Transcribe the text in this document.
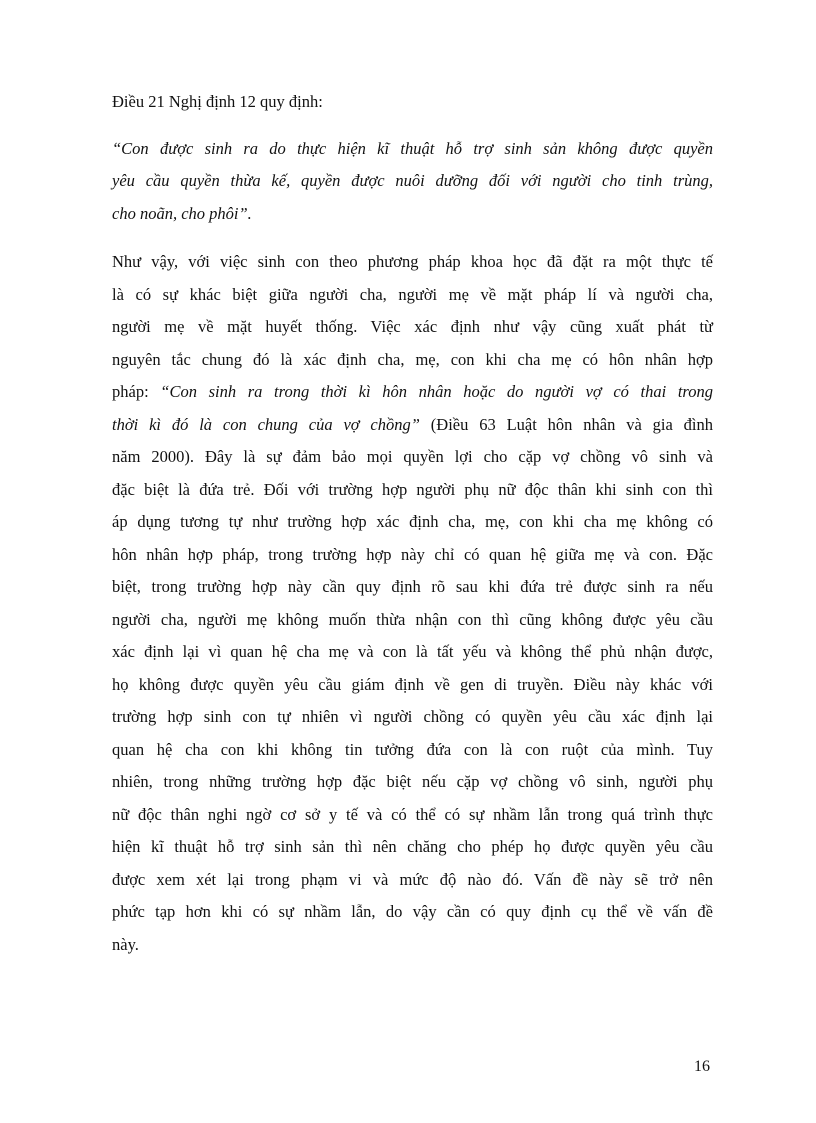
Điều 21 Nghị định 12 quy định:
“Con được sinh ra do thực hiện kĩ thuật hỗ trợ sinh sản không được quyền
yêu cầu quyền thừa kế, quyền được nuôi dưỡng đối với người cho tinh trùng,
cho noãn, cho phôi”.
Như vậy, với việc sinh con theo phương pháp khoa học đã đặt ra một thực tế
là có sự khác biệt giữa người cha, người mẹ về mặt pháp lí và người cha,
người mẹ về mặt huyết thống. Việc xác định như vậy cũng xuất phát từ
nguyên tắc chung đó là xác định cha, mẹ, con khi cha mẹ có hôn nhân hợp
pháp: “Con sinh ra trong thời kì hôn nhân hoặc do người vợ có thai trong
thời kì đó là con chung của vợ chồng” (Điều 63 Luật hôn nhân và gia đình
năm 2000). Đây là sự đảm bảo mọi quyền lợi cho cặp vợ chồng vô sinh và
đặc biệt là đứa trẻ. Đối với trường hợp người phụ nữ độc thân khi sinh con thì
áp dụng tương tự như trường hợp xác định cha, mẹ, con khi cha mẹ không có
hôn nhân hợp pháp, trong trường hợp này chỉ có quan hệ giữa mẹ và con. Đặc
biệt, trong trường hợp này cần quy định rõ sau khi đứa trẻ được sinh ra nếu
người cha, người mẹ không muốn thừa nhận con thì cũng không được yêu cầu
xác định lại vì quan hệ cha mẹ và con là tất yếu và không thể phủ nhận được,
họ không được quyền yêu cầu giám định về gen di truyền. Điều này khác với
trường hợp sinh con tự nhiên vì người chồng có quyền yêu cầu xác định lại
quan hệ cha con khi không tin tưởng đứa con là con ruột của mình. Tuy
nhiên, trong những trường hợp đặc biệt nếu cặp vợ chồng vô sinh, người phụ
nữ độc thân nghi ngờ cơ sở y tế và có thể có sự nhầm lẫn trong quá trình thực
hiện kĩ thuật hỗ trợ sinh sản thì nên chăng cho phép họ được quyền yêu cầu
được xem xét lại trong phạm vi và mức độ nào đó. Vấn đề này sẽ trở nên
phức tạp hơn khi có sự nhầm lẫn, do vậy cần có quy định cụ thể về vấn đề
này.
16
